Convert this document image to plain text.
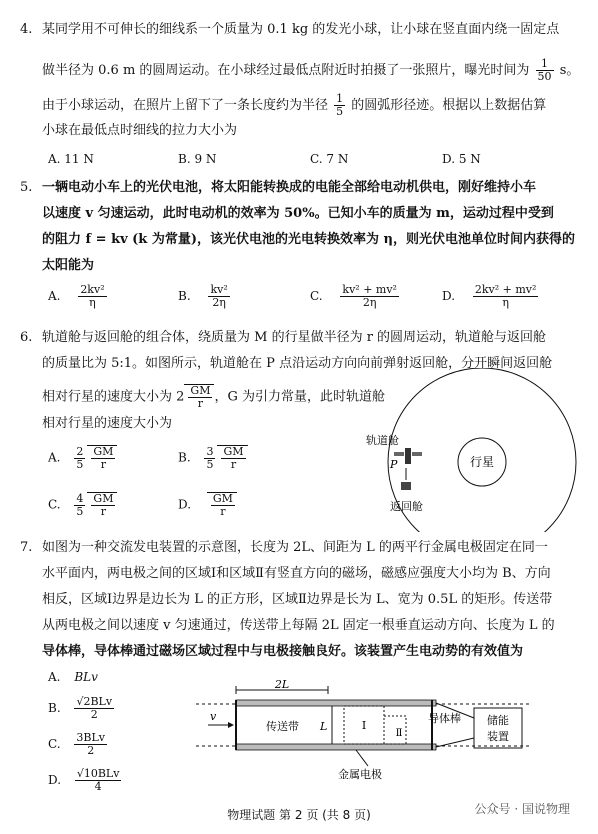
4. 某同学用不可伸长的细线系一个质量为 0.1 kg 的发光小球，让小球在竖直面内绕一固定点
做半径为 0.6 m 的圆周运动。在小球经过最低点附近时拍摄了一张照片，曝光时间为 $\frac{1}{50}$ s。
由于小球运动，在照片上留下了一条长度约为半径 $\frac{1}{5}$ 的圆弧形径迹。根据以上数据估算
小球在最低点时细线的拉力大小为
A. 11 N	B. 9 N	C. 7 N	D. 5 N
5. 一辆电动小车上的光伏电池，将太阳能转换成的电能全部给电动机供电，刚好维持小车
以速度 v 匀速运动，此时电动机的效率为 50%。已知小车的质量为 m，运动过程中受到
的阻力 f = kv (k 为常量)，该光伏电池的光电转换效率为 η，则光伏电池单位时间内获得的
太阳能为
A. $\frac{\text{2kv²}}{\eta}$	B. $\frac{\text{kv²}}{2\eta}$	C. $\frac{\text{kv² + mv²}}{2\eta}$	D. $\frac{\text{2kv² + mv²}}{\eta}$
6. 轨道舱与返回舱的组合体，绕质量为 M 的行星做半径为 r 的圆周运动，轨道舱与返回舱
的质量比为 5:1。如图所示，轨道舱在 P 点沿运动方向向前弹射返回舱，分开瞬间返回舱
相对行星的速度大小为 $2 \frac{GM}{r}$ ，G 为引力常量，此时轨道舱
相对行星的速度大小为
A. $\frac{2}{5} \frac{GM}{r}$	B. $\frac{3}{5} \frac{GM}{r}$
C. $\frac{4}{5} \frac{GM}{r}$	D. $\frac{GM}{r}$
行星
轨道舱
P
返回舱
7. 如图为一种交流发电装置的示意图，长度为 2L、间距为 L 的两平行金属电极固定在同一
水平面内，两电极之间的区域Ⅰ和区域Ⅱ有竖直方向的磁场，磁感应强度大小均为 B、方向
相反，区域Ⅰ边界是边长为 L 的正方形，区域Ⅱ边界是长为 L、宽为 0.5L 的矩形。传送带
从两电极之间以速度 v 匀速通过，传送带上每隔 2L 固定一根垂直运动方向、长度为 L 的
导体棒，导体棒通过磁场区域过程中与电极接触良好。该装置产生电动势的有效值为
A. BLv
B. $\frac{\text{√2BLv}}{2}$
C. $\frac{\text{3BLv}}{2}$
D. $\frac{\text{√10BLv}}{4}$
2L
v
传送带 L	Ⅰ
Ⅱ
导体棒 储能
装置
金属电极
物理试题 第 2 页 (共 8 页)	公众号 · 国说物理
